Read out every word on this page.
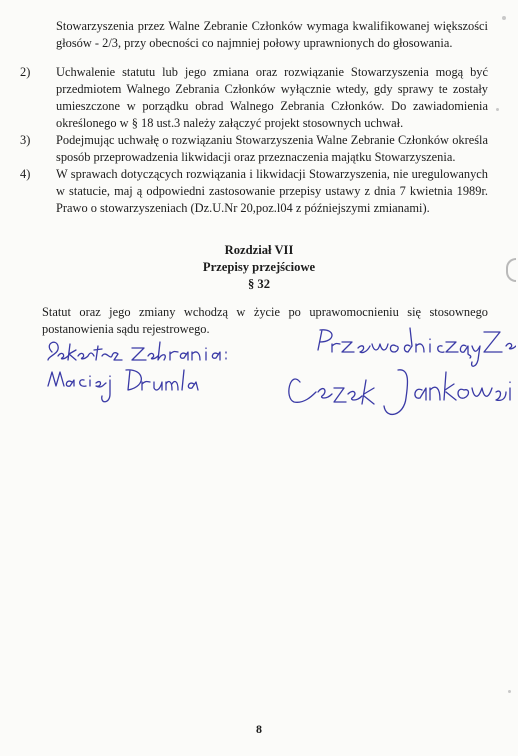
Stowarzyszenia przez Walne Zebranie Członków wymaga kwalifikowanej większości głosów - 2/3, przy obecności co najmniej połowy uprawnionych do głosowania.

2) Uchwalenie statutu lub jego zmiana oraz rozwiązanie Stowarzyszenia mogą być przedmiotem Walnego Zebrania Członków wyłącznie wtedy, gdy sprawy te zostały umieszczone w porządku obrad Walnego Zebrania Członków. Do zawiadomienia określonego w § 18 ust.3 należy załączyć projekt stosownych uchwał.
3) Podejmując uchwałę o rozwiązaniu Stowarzyszenia Walne Zebranie Członków określa sposób przeprowadzenia likwidacji oraz przeznaczenia majątku Stowarzyszenia.
4) W sprawach dotyczących rozwiązania i likwidacji Stowarzyszenia, nie uregulowanych w statucie, maj ą odpowiedni zastosowanie przepisy ustawy z dnia 7 kwietnia 1989r. Prawo o stowarzyszeniach (Dz.U.Nr 20,poz.l04 z późniejszymi zmianami).
Rozdział VII
Przepisy przejściowe
§ 32

Statut oraz jego zmiany wchodzą w życie po uprawomocnieniu się stosownego postanowienia sądu rejestrowego.

8
